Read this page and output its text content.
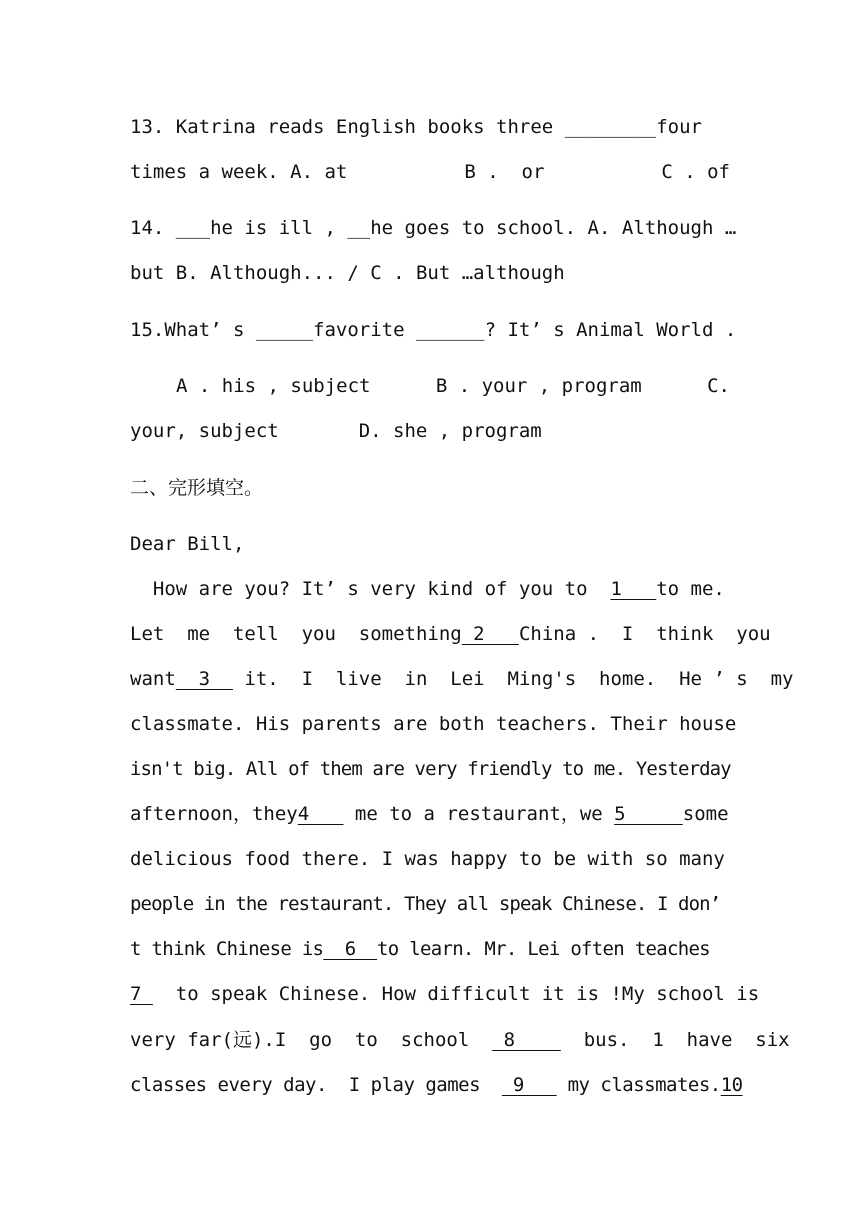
13. Katrina reads English books three ________four
times a week. A. at	B .  or	C . of
14. ___he is ill , __he goes to school. A. Although …
but B. Although... / C . But …although
15.What’ s _____favorite ______? It’ s Animal World .
A . his , subject	B . your , program	C.
your, subject	D. she , program
二、完形填空。
Dear Bill,
How are you? It’ s very kind of you to  1 to me.
Let  me  tell  you  something 2   China .  I  think  you
want  3   it.  I  live  in  Lei  Ming's  home.  He ’ s  my
classmate. His parents are both teachers. Their house
isn't big. All of them are very friendly to me. Yesterday
afternoon，they4    me to a restaurant，we 5     some
delicious food there. I was happy to be with so many
people in the restaurant. They all speak Chinese. I don’
t think Chinese is  6  to learn. Mr. Lei often teaches
7   to speak Chinese. How difficult it is !My school is
very far(远).I  go  to  school   8      bus.  1  have  six
classes every day.  I play games   9    my classmates.10
